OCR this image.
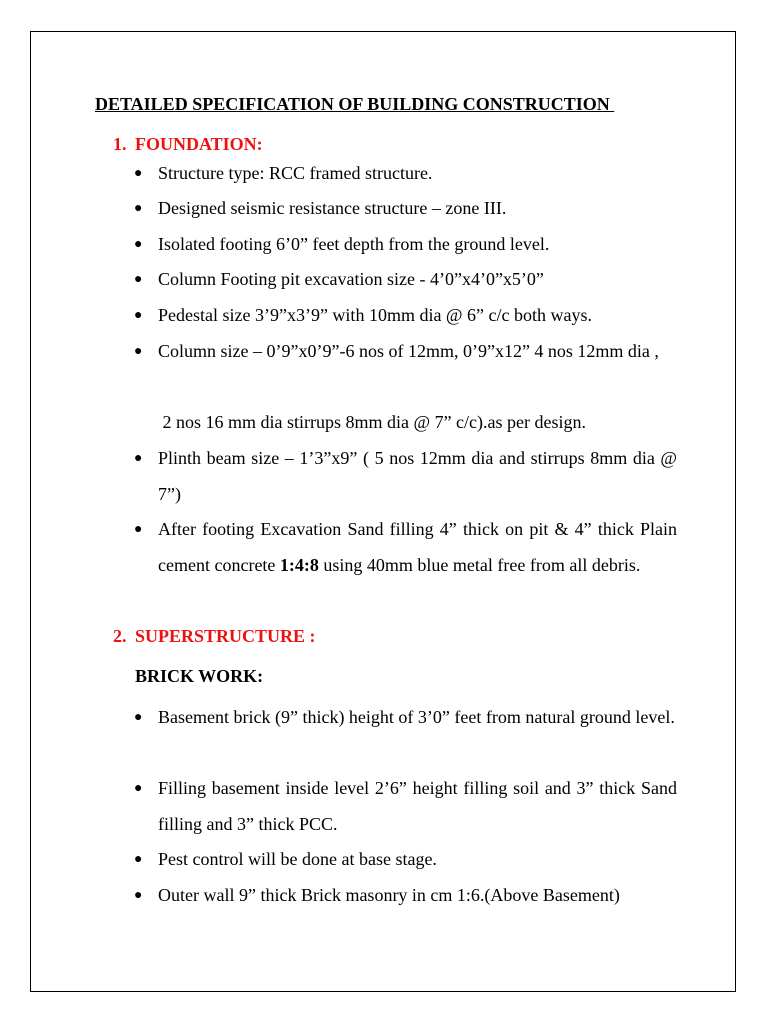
DETAILED SPECIFICATION OF BUILDING CONSTRUCTION
1. FOUNDATION:
● Structure type: RCC framed structure.
● Designed seismic resistance structure – zone III.
● Isolated footing 6’0” feet depth from the ground level.
● Column Footing pit excavation size - 4’0”x4’0”x5’0”
● Pedestal size 3’9”x3’9” with 10mm dia @ 6” c/c both ways.
● Column size – 0’9”x0’9”-6 nos of 12mm, 0’9”x12” 4 nos 12mm dia ,
2 nos 16 mm dia stirrups 8mm dia @ 7” c/c).as per design.
● Plinth beam size – 1’3”x9” ( 5 nos 12mm dia and stirrups 8mm dia @ 7”)
● After footing Excavation Sand filling 4” thick on pit & 4” thick Plain cement concrete 1:4:8 using 40mm blue metal free from all debris.
2. SUPERSTRUCTURE :
BRICK WORK:
● Basement brick (9” thick) height of 3’0” feet from natural ground level.
● Filling basement inside level 2’6” height filling soil and 3” thick Sand filling and 3” thick PCC.
● Pest control will be done at base stage.
● Outer wall 9” thick Brick masonry in cm 1:6.(Above Basement)
